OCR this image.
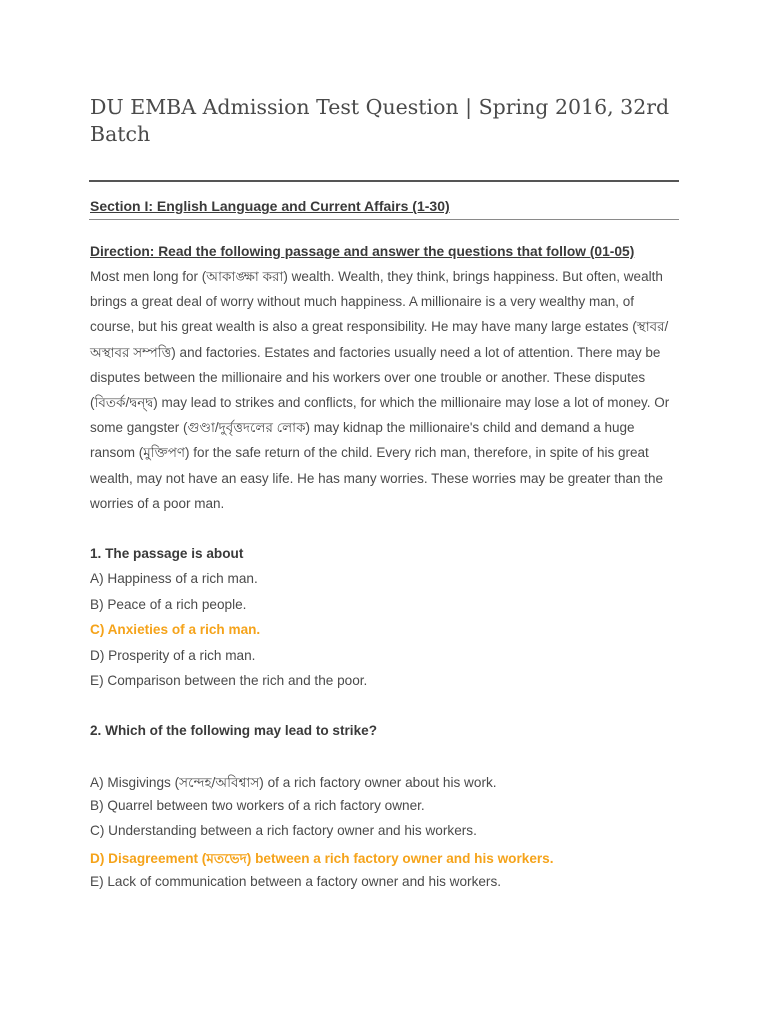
DU EMBA Admission Test Question | Spring 2016, 32rd Batch
Section I: English Language and Current Affairs (1-30)

Direction: Read the following passage and answer the questions that follow (01-05)

Most men long for (আকাঙ্ক্ষা করা) wealth. Wealth, they think, brings happiness. But often, wealth brings a great deal of worry without much happiness. A millionaire is a very wealthy man, of course, but his great wealth is also a great responsibility. He may have many large estates (স্থাবর/অস্থাবর সম্পত্তি) and factories. Estates and factories usually need a lot of attention. There may be disputes between the millionaire and his workers over one trouble or another. These disputes (বিতর্ক/দ্বন্দ্ব) may lead to strikes and conflicts, for which the millionaire may lose a lot of money. Or some gangster (গুণ্ডা/দুর্বৃত্তদলের লোক) may kidnap the millionaire's child and demand a huge ransom (মুক্তিপণ) for the safe return of the child. Every rich man, therefore, in spite of his great wealth, may not have an easy life. He has many worries. These worries may be greater than the worries of a poor man.

1. The passage is about

A) Happiness of a rich man.

B) Peace of a rich people.

C) Anxieties of a rich man.

D) Prosperity of a rich man.

E) Comparison between the rich and the poor.

2. Which of the following may lead to strike?

A) Misgivings (সন্দেহ/অবিশ্বাস) of a rich factory owner about his work.

B) Quarrel between two workers of a rich factory owner.

C) Understanding between a rich factory owner and his workers.

D) Disagreement (মতভেদ) between a rich factory owner and his workers.

E) Lack of communication between a factory owner and his workers.
